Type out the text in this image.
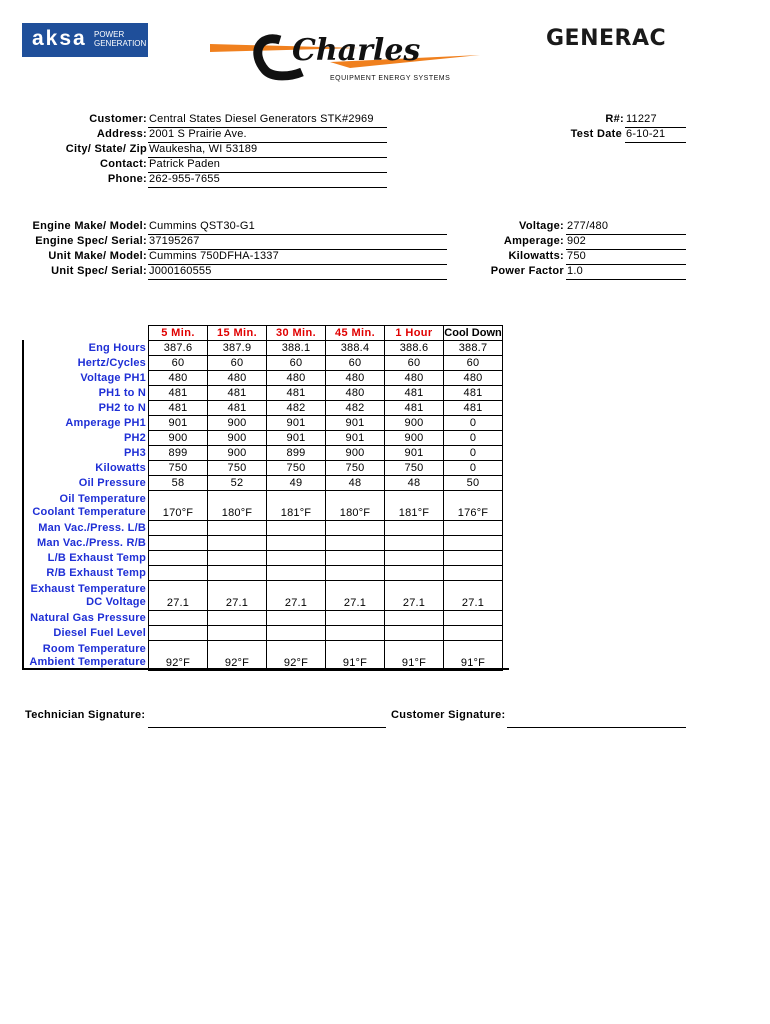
aksa POWER
GENERATION	Charles
EQUIPMENT ENERGY SYSTEMS
GENERAC
Customer: Central States Diesel Generators STK#2969
Address: 2001 S Prairie Ave.
City/ State/ Zip Waukesha, WI 53189
Contact: Patrick Paden
Phone: 262-955-7655
R#: 11227
Test Date 6-10-21
Engine Make/ Model: Cummins QST30-G1
Engine Spec/ Serial: 37195267
Unit Make/ Model: Cummins 750DFHA-1337
Unit Spec/ Serial: J000160555
Voltage: 277/480
Amperage: 902
Kilowatts: 750
Power Factor 1.0
	5 Min.	15 Min.	30 Min.	45 Min.	1 Hour	Cool Down
Eng Hours	387.6	387.9	388.1	388.4	388.6	388.7
Hertz/Cycles	60	60	60	60	60	60
Voltage PH1	480	480	480	480	480	480
PH1 to N	481	481	481	480	481	481
PH2 to N	481	481	482	482	481	481
Amperage PH1	901	900	901	901	900	0
PH2	900	900	901	901	900	0
PH3	899	900	899	900	901	0
Kilowatts	750	750	750	750	750	0
Oil Pressure	58	52	49	48	48	50
Oil Temperature
Coolant Temperature	170°F	180°F	181°F	180°F	181°F	176°F
Man Vac./Press. L/B						
Man Vac./Press. R/B						
L/B Exhaust Temp						
R/B Exhaust Temp						
Exhaust Temperature
DC Voltage	27.1	27.1	27.1	27.1	27.1	27.1
Natural Gas Pressure						
Diesel Fuel Level						
Room Temperature
Ambient Temperature	92°F	92°F	92°F	91°F	91°F	91°F
Technician Signature:	Customer Signature:
